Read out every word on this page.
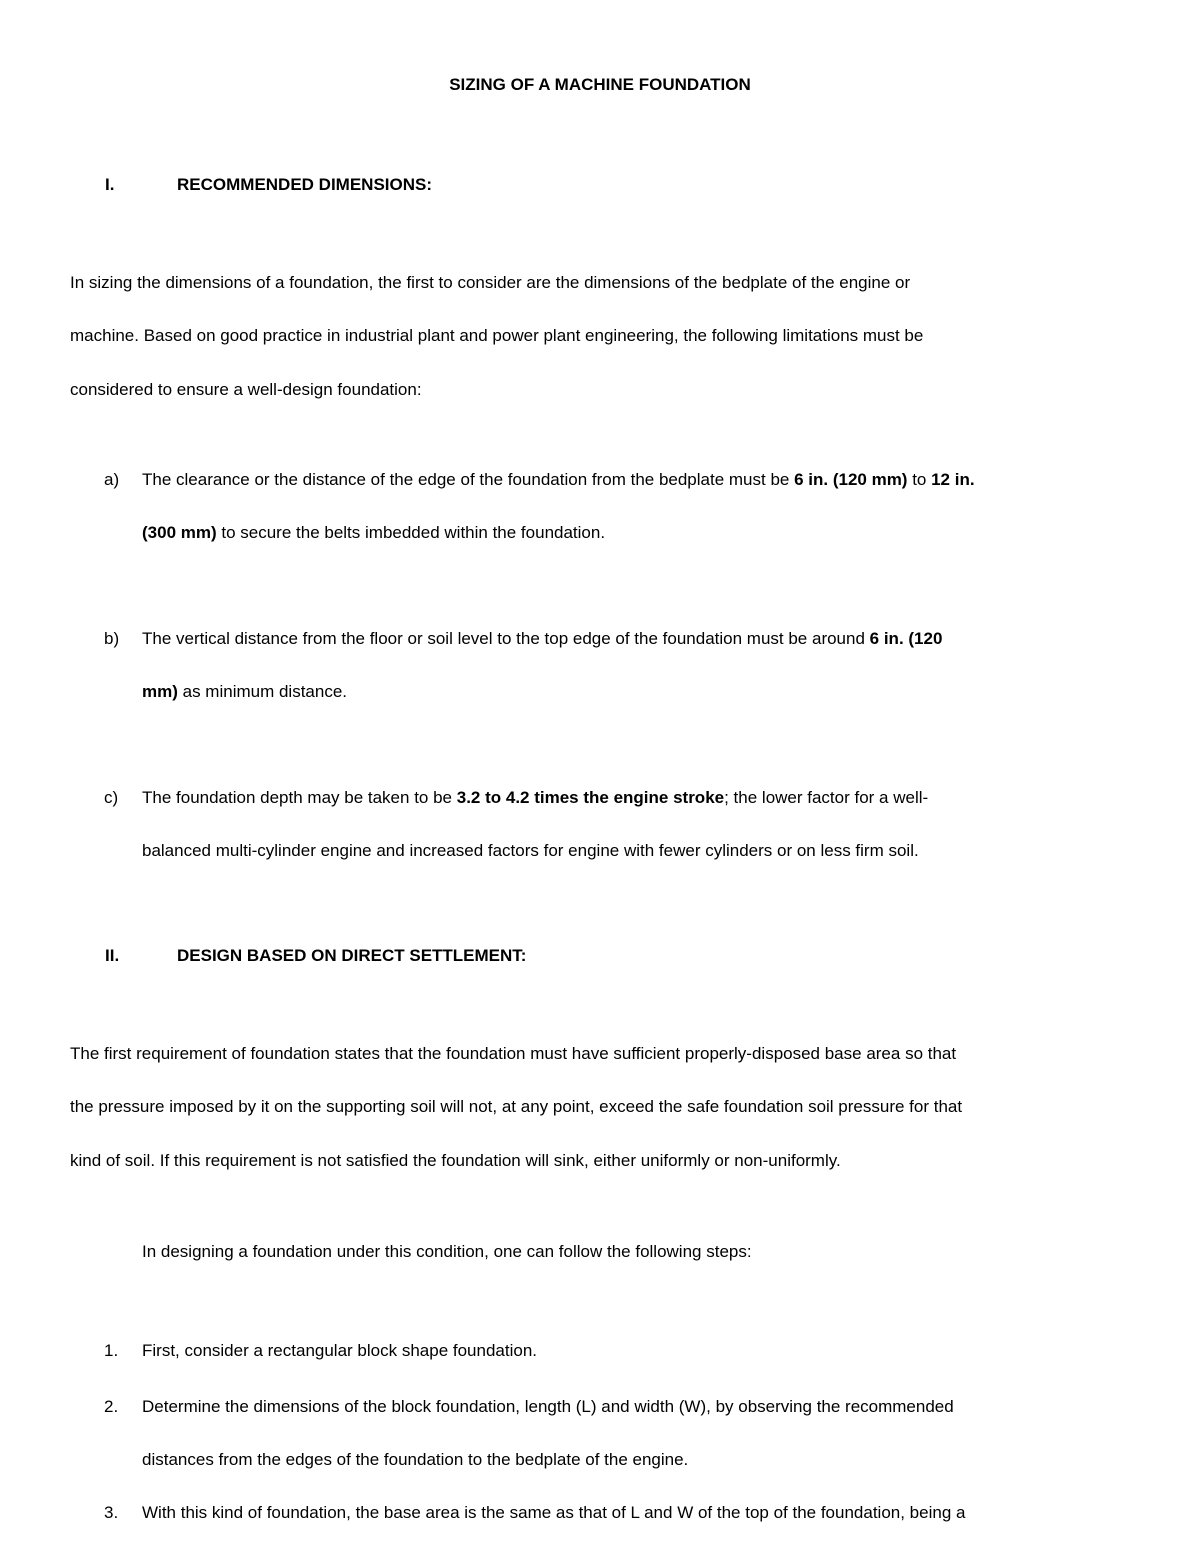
SIZING OF A MACHINE FOUNDATION
I.	RECOMMENDED DIMENSIONS:
In sizing the dimensions of a foundation, the first to consider are the dimensions of the bedplate of the engine or
machine. Based on good practice in industrial plant and power plant engineering, the following limitations must be
considered to ensure a well-design foundation:
a) The clearance or the distance of the edge of the foundation from the bedplate must be 6 in. (120 mm) to 12 in.
(300 mm) to secure the belts imbedded within the foundation.
b) The vertical distance from the floor or soil level to the top edge of the foundation must be around 6 in. (120
mm) as minimum distance.
c) The foundation depth may be taken to be 3.2 to 4.2 times the engine stroke; the lower factor for a well-
balanced multi-cylinder engine and increased factors for engine with fewer cylinders or on less firm soil.
II.	DESIGN BASED ON DIRECT SETTLEMENT:
The first requirement of foundation states that the foundation must have sufficient properly-disposed base area so that
the pressure imposed by it on the supporting soil will not, at any point, exceed the safe foundation soil pressure for that
kind of soil. If this requirement is not satisfied the foundation will sink, either uniformly or non-uniformly.
In designing a foundation under this condition, one can follow the following steps:
1. First, consider a rectangular block shape foundation.
2. Determine the dimensions of the block foundation, length (L) and width (W), by observing the recommended
distances from the edges of the foundation to the bedplate of the engine.
3. With this kind of foundation, the base area is the same as that of L and W of the top of the foundation, being a
